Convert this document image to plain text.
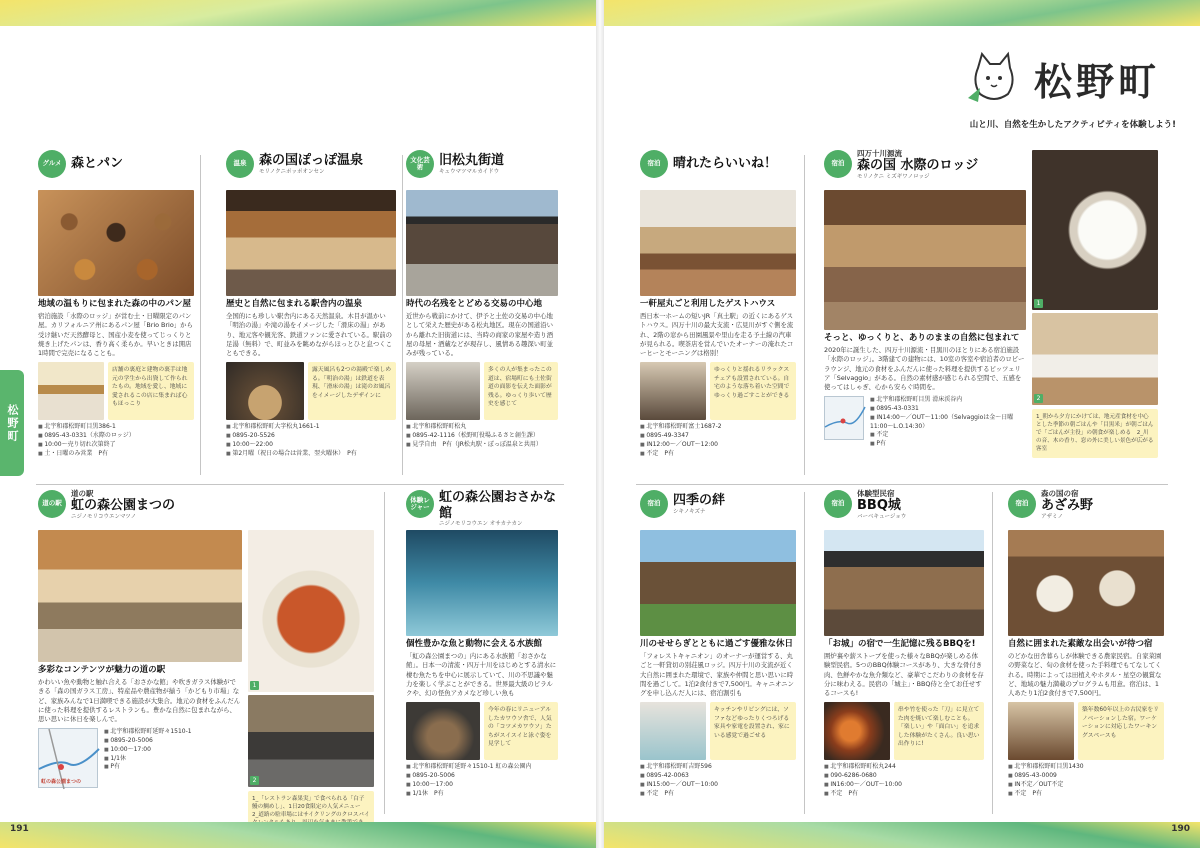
松野町
グルメ 森とパン
地域の温もりに包まれた森の中のパン屋
宿泊施設「水際のロッジ」が営む土・日曜限定のパン屋。カリフォルニア州にあるパン屋「Brio Brio」から受け継いだ天然酵母と、国産小麦を使ってじっくりと焼き上げたパンは、香り高く柔らか。早いときは開店1時間で完売になることも。
店舗の裏庭と建物の裏手は地元の学生から出資して作られたもの。地域を愛し、地域に愛されるこの店に集まれば心もほっこり
■ 北宇和郡松野町目黒386-1
■ 0895-43-0331（水際のロッジ）
■ 10:00～売り切れ次第終了
■ 土・日曜のみ営業　P有
温泉 森の国ぽっぽ温泉
モリノクニポッポオンセン
歴史と自然に包まれる駅舎内の温泉
全国的にも珍しい駅舎内にある天然温泉。木目が温かい「明治の湯」や滝の湯をイメージした「滑床の湯」があり、地元客や観光客、鉄道ファンに愛されている。駅前の足湯（無料）で、町並みを眺めながらほっとひと息つくこともできる。
露天風呂も2つの湯殿で楽しめる。「明治の湯」は鉄道を表現、「滑床の湯」は滝のお風呂をイメージしたデザインに
■ 北宇和郡松野町大字松丸1661-1
■ 0895-20-5526
■ 10:00～22:00
■ 第2月曜（祝日の場合は営業、翌火曜休）　P有
文化芸術	旧松丸街道
キュウマツマルカイドウ
時代の名残をとどめる交易の中心地
近世から戦前にかけて、伊予と土佐の交易の中心地として栄えた歴史がある松丸地区。現在の国道沿いから離れた旧街道には、当時の商家の家屋や造り酒屋の母屋・酒蔵などが現存し、風情ある趣深い町並みが残っている。
多くの人が集まったこの道は、宿場町にも土佐街道の面影を伝えた面影が残る。ゆっくり歩いて歴史を感じて
■ 北宇和郡松野町松丸
■ 0895-42-1116（松野町役場ふるさと創生課）
■ 見学自由　P有（JR松丸駅・ぽっぽ温泉と共用）
道の駅
道の駅
虹の森公園まつの
ニジノモリコウエンマツノ
多彩なコンテンツが魅力の道の駅
かわいい魚や動物と触れ合える「おさかな館」や吹きガラス体験ができる「森の国ガラス工房」、特産品や農産物が揃う「かどもり市場」など、家族みんなで1日満喫できる施設が大集合。地元の食材をふんだんに使った料理を提供するレストランも。豊かな自然に包まれながら、思い思いに休日を楽しんで。
虹の森公園まつの
■ 北宇和郡松野町延野々1510-1
■ 0895-20-5006
■ 10:00～17:00
■ 1/1休
■ P有
1
2
1_「レストラン森果実」で食べられる「白子鰻の鯛めし」、1日20食限定の人気メニュー　2_道路の駐車場にはサイクリングのクロスバイ
体験レジャー
虹の森公園おさかな館
ニジノモリコウエン オサカナカン
個性豊かな魚と動物に会える水族館
「虹の森公園まつの」内にある水族館「おさかな館」。日本一の清流・四万十川をはじめとする清水に棲む魚たちを中心に展示していて、川の不思議や魅力を楽しく学ぶことができる。世界最大級のピラルクや、幻の怪魚アカメなど珍しい魚も
今年の春にリニューアルしたカワウソ舎で、人気の「コツメカワウソ」たちがスイスイと泳ぐ姿を見学して
■ 北宇和郡松野町延野々1510-1 虹の森公園内
■ 0895-20-5006
■ 10:00～17:00
■ 1/1休　P有
191
松野町
山と川、自然を生かしたアクティビティを体験しよう!
宿泊 晴れたらいいね！
一軒屋丸ごと利用したゲストハウス
西日本一ホームの短いJR「真土駅」の近くにあるゲストハウス。四万十川の最大支流・広見川がすぐ側を流れ、2階の窓から田園風景や里山を走る予土線の汽車が見られる。喫茶店を営んでいたオーナーの淹れたコーヒーとモーニングは格別！
ゆっくりと揺れるリラックスチェアも設置されている。自宅のような落ち着いた空間でゆっくり過ごすことができる
■ 北宇和郡松野町富士1687-2
■ 0895-49-3347
■ IN12:00～／OUT～12:00
■ 不定　P有
宿泊
四万十川源流
森の国 水際のロッジ
モリノクニ ミズギワノロッジ
そっと、ゆっくりと、ありのままの自然に包まれて
2020年に誕生した、四万十川源流・目黒川のほとりにある宿泊施設「水際のロッジ」。3階建ての建物には、10室の客室や宿泊者のロビーラウンジ、地元の食材をふんだんに使った料理を提供するピッツェリア「Selvaggio」がある。自然の素材感が感じられる空間で、五感を使ってはしゃぎ、心から安らぐ時間を。
■ 北宇和郡松野町目黒 滑床渓谷内
■ 0895-43-0331
■ IN14:00～／OUT～11:00（Selvaggioは金～日曜11:00～L.O.14:30）
■ 不定
■ P有
1
2
1_朝から夕方にかけては、地元産食材を中心とした季節の朝ごはんや「目黒米」が朝ごはんで「ごはんが主役」の朝食が楽しめる　2_川の音、木の香り、窓の外に美しい景色が広がる客室
宿泊 四季の絆
シキノキズナ
川のせせらぎとともに過ごす優雅な休日
「フォレストキャニオン」のオーナーが運営する、丸ごと一軒貸切の別荘風ロッジ。四万十川の支流が近く大自然に囲まれた環境で、家族や仲間と思い思いに時間を過ごして。1泊2食付きで7,500円。キャニオニングを申し込んだ人には、宿泊割引も
キッチンやリビングには、ソファなどゆったりくつろげる家具や家電を設置され、家にいる感覚で過ごせる
■ 北宇和郡松野町吉野596
■ 0895-42-0063
■ IN15:00～／OUT～10:00
■ 不定　P有
宿泊
体験型民宿
BBQ城
バーベキュージョウ
「お城」の宿で一生記憶に残るBBQを!
囲炉裏や薪ストーブを使った様々なBBQが楽しめる体験型民宿。5つのBBQ体験コースがあり、大きな骨付き肉、色鮮やかな魚介類など、豪華でこだわりの食材を存分に味わえる。民宿の「城主」・BBQ侍と全てお任せするコースも!
串や竹を使った「刀」に見立てた肉を焼いて楽しむことも。「楽しい」や「面白い」を追求した体験がたくさん。良い思い出作りに!
■ 北宇和郡松野町松丸244
■ 090-6286-0680
■ IN16:00～／OUT～10:00
■ 不定　P有
宿泊
森の国の宿
あざみ野
アザミノ
自然に囲まれた素敵な出会いが待つ宿
のどかな田舎暮らしが体験できる農家民宿。自家菜園の野菜など、旬の食材を使った手料理でもてなしてくれる。時期によっては田植えやホタル・星空の観賞など、地域の魅力満載のプログラムも用意。宿泊は、1人あたり1泊2食付きで7,500円。
築年数60年以上の古民家をリノベーションした宿。ワーケーションに対応したワーキングスペースも
■ 北宇和郡松野町目黒1430
■ 0895-43-0009
■ IN不定／OUT不定
■ 不定　P有
190
